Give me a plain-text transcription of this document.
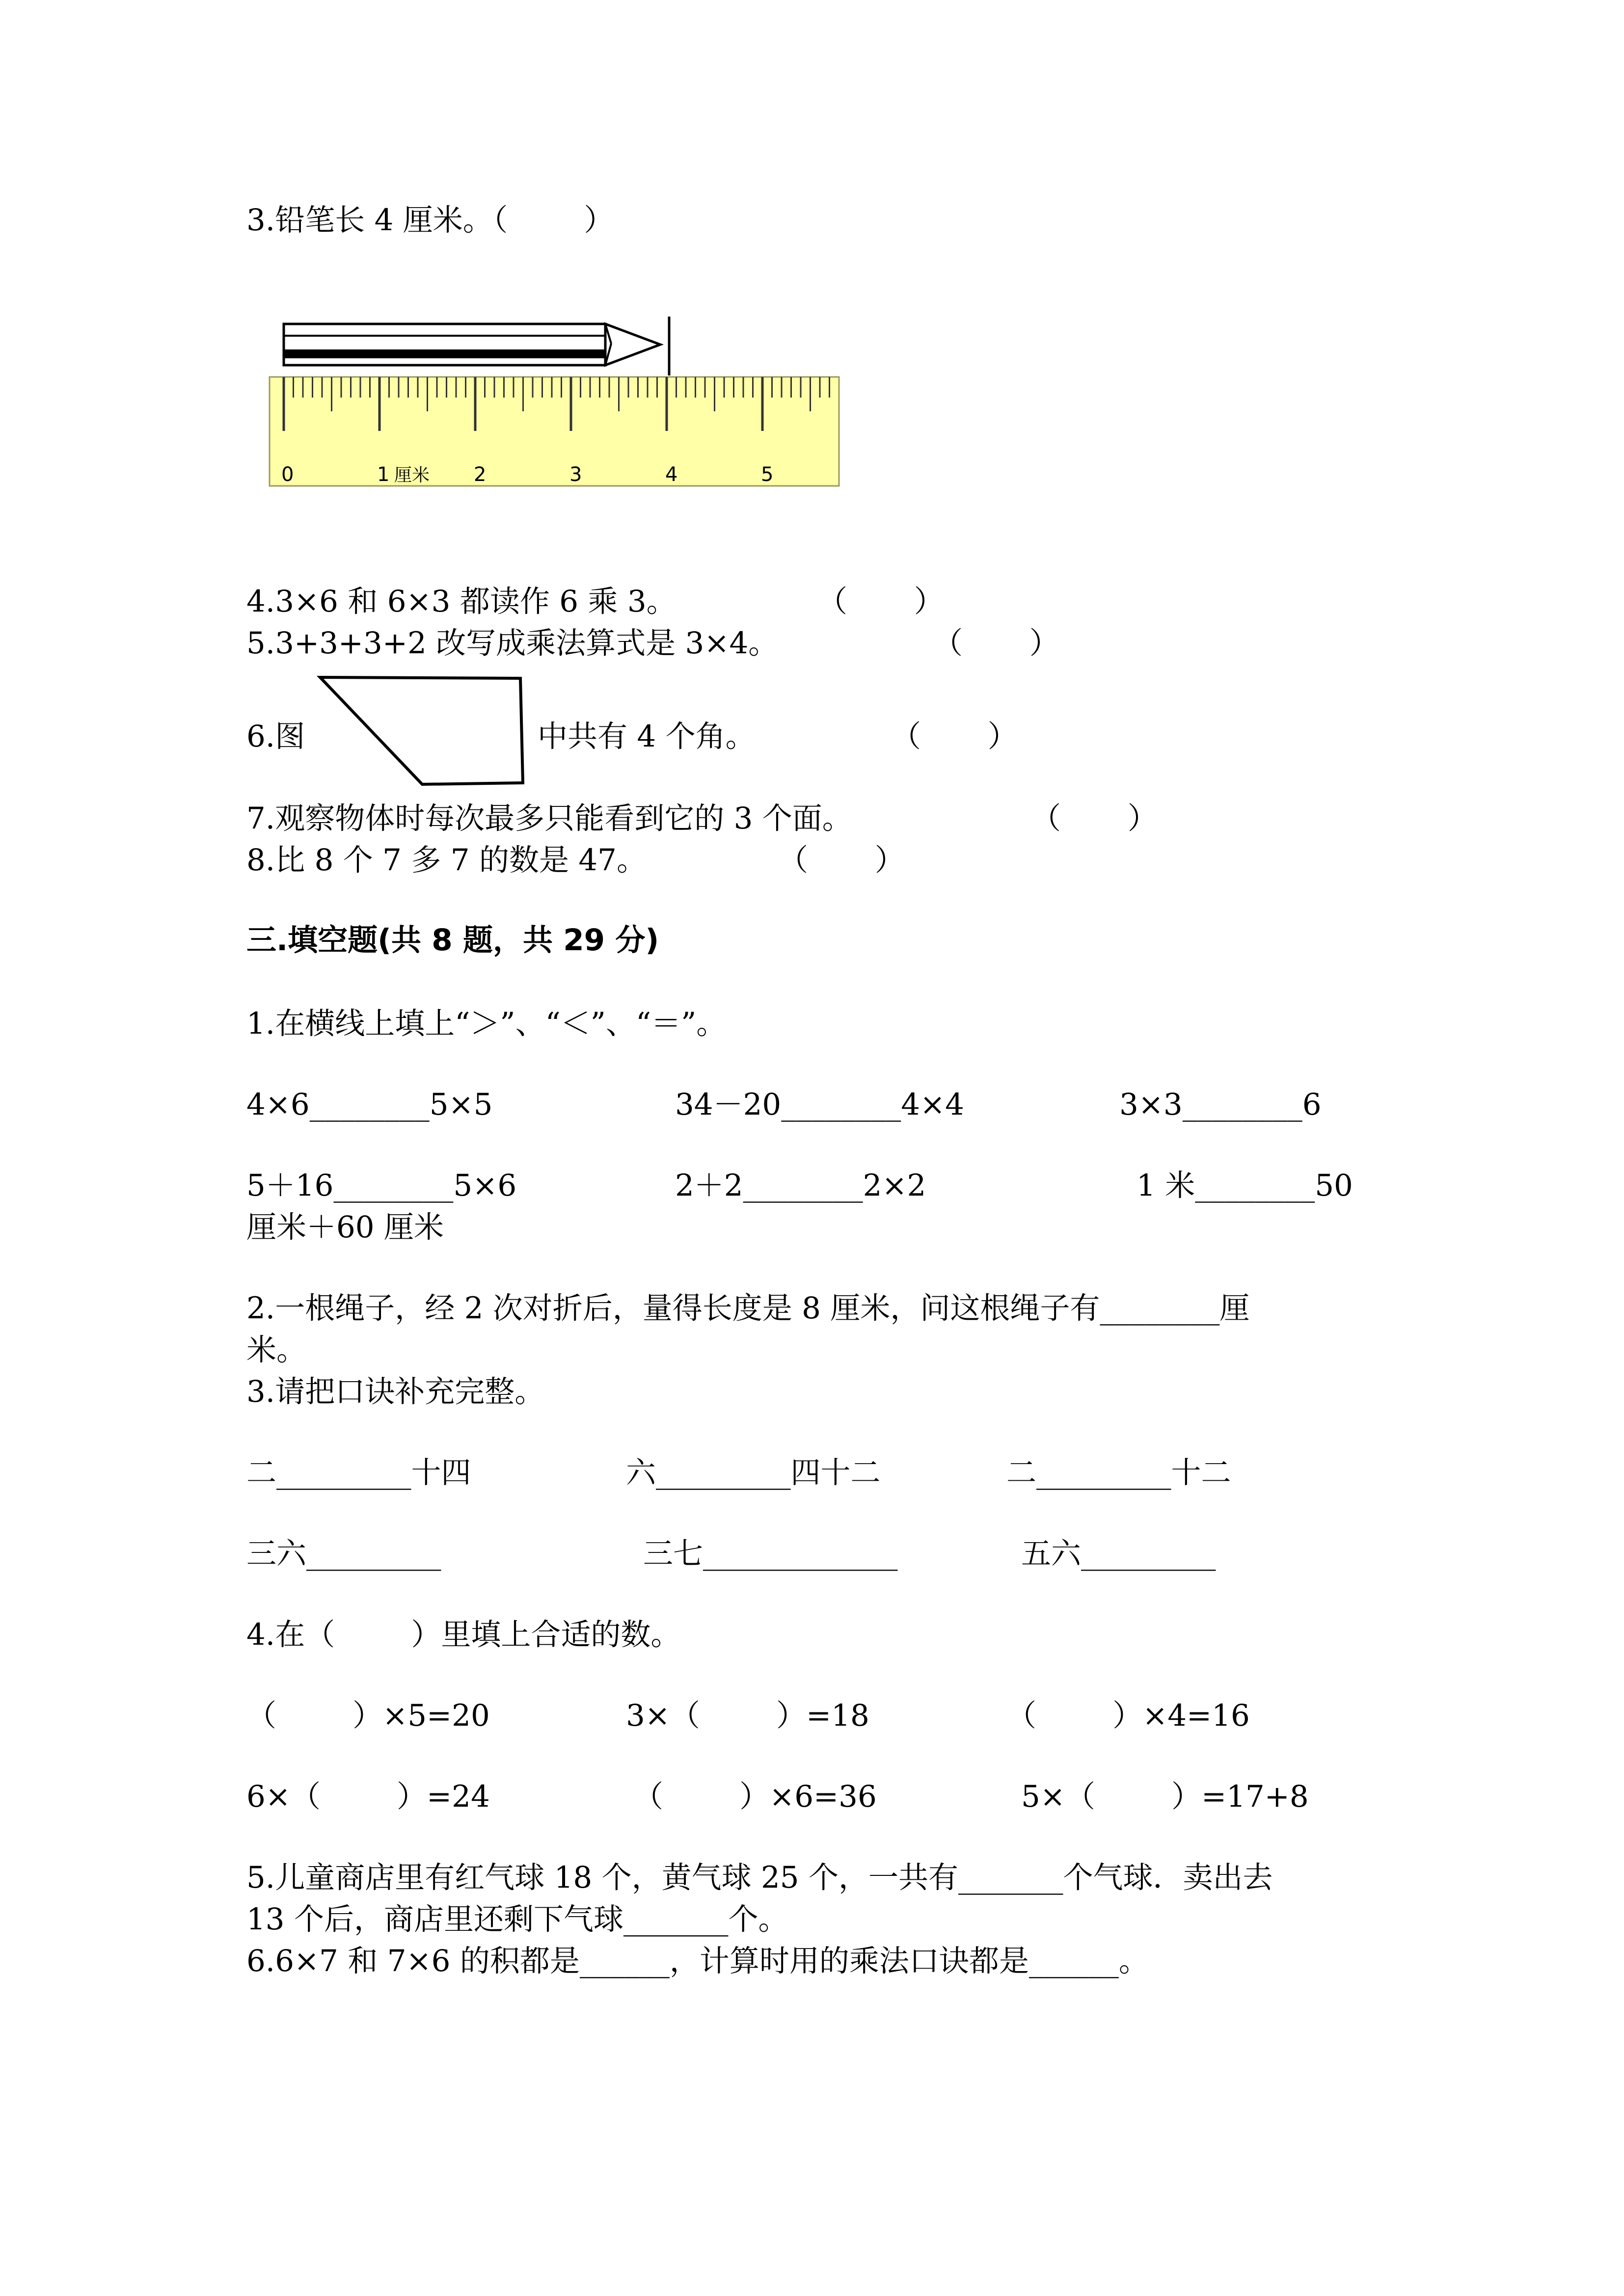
3.铅笔长 4 厘米。（        ）
0	1 厘米 2	3	4	5
4.3×6 和 6×3 都读作 6 乘 3。	（       ）
5.3+3+3+2 改写成乘法算式是 3×4。	（       ）
6.图	中共有 4 个角。	（       ）
7.观察物体时每次最多只能看到它的 3 个面。	（       ）
8.比 8 个 7 多 7 的数是 47。	（       ）
三.填空题(共 8 题，共 29 分)
1.在横线上填上“＞”、“＜”、“＝”。
4×6________5×5	34－20________4×4	3×3________6
5＋16________5×6	2＋2________2×2	1 米________50
厘米＋60 厘米
2.一根绳子，经 2 次对折后，量得长度是 8 厘米，问这根绳子有________厘
米。
3.请把口诀补充完整。
二_________十四	六_________四十二	二_________十二
三六_________	三七_____________	五六_________
4.在（        ）里填上合适的数。
（        ）×5=20	3×（        ）=18	（        ）×4=16
6×（        ）=24	（        ）×6=36	5×（        ）=17+8
5.儿童商店里有红气球 18 个，黄气球 25 个，一共有_______个气球．卖出去
13 个后，商店里还剩下气球_______个。
6.6×7 和 7×6 的积都是______，计算时用的乘法口诀都是______。
